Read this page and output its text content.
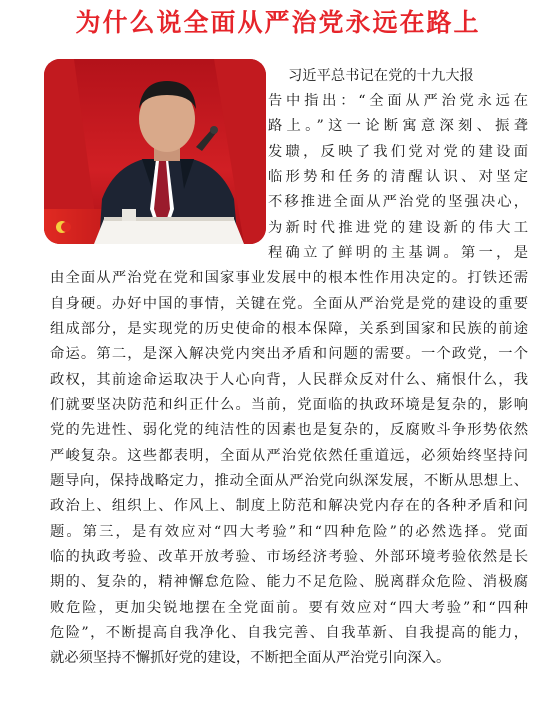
为什么说全面从严治党永远在路上
习近平总书记在党的十九大报
告中指出：“全面从严治党永远在
路上。”这一论断寓意深刻、振聋
发聩，反映了我们党对党的建设面
临形势和任务的清醒认识、对坚定
不移推进全面从严治党的坚强决心，
为新时代推进党的建设新的伟大工
程确立了鲜明的主基调。第一，是
由全面从严治党在党和国家事业发展中的根本性作用决定的。打铁还需
自身硬。办好中国的事情，关键在党。全面从严治党是党的建设的重要
组成部分，是实现党的历史使命的根本保障，关系到国家和民族的前途
命运。第二，是深入解决党内突出矛盾和问题的需要。一个政党，一个
政权，其前途命运取决于人心向背，人民群众反对什么、痛恨什么，我
们就要坚决防范和纠正什么。当前，党面临的执政环境是复杂的，影响
党的先进性、弱化党的纯洁性的因素也是复杂的，反腐败斗争形势依然
严峻复杂。这些都表明，全面从严治党依然任重道远，必须始终坚持问
题导向，保持战略定力，推动全面从严治党向纵深发展，不断从思想上、
政治上、组织上、作风上、制度上防范和解决党内存在的各种矛盾和问
题。第三，是有效应对“四大考验”和“四种危险”的必然选择。党面
临的执政考验、改革开放考验、市场经济考验、外部环境考验依然是长
期的、复杂的，精神懈怠危险、能力不足危险、脱离群众危险、消极腐
败危险，更加尖锐地摆在全党面前。要有效应对“四大考验”和“四种
危险”，不断提高自我净化、自我完善、自我革新、自我提高的能力，
就必须坚持不懈抓好党的建设，不断把全面从严治党引向深入。
